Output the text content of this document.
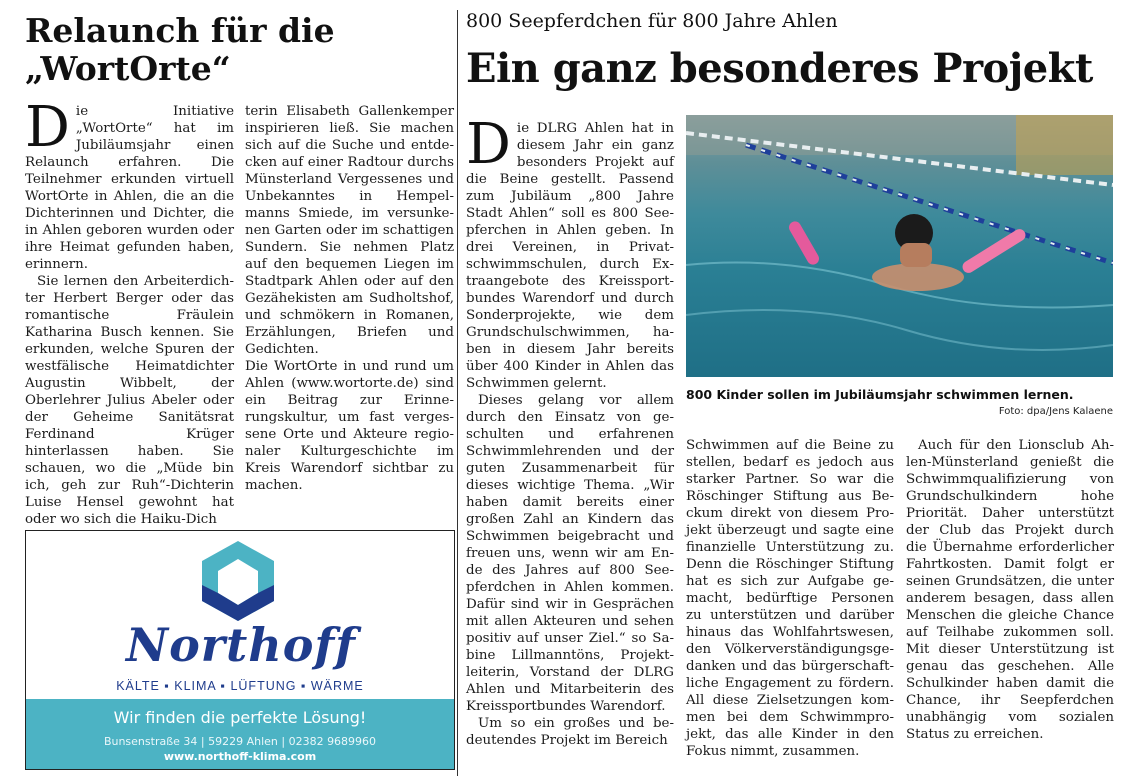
Relaunch für die
„WortOrte“

Die Initiative „WortOrte“ hat im Jubiläumsjahr einen Relaunch erfahren. Die Teilnehmer erkunden virtuell WortOrte in Ahlen, die an die Dichterinnen und Dichter, die in Ahlen geboren wurden oder ihre Heimat gefunden haben, erinnern.

Sie lernen den Arbeiterdichter Herbert Berger oder das romantische Fräulein Katharina Busch kennen. Sie erkunden, welche Spuren der westfälische Heimatdichter Augustin Wibbelt, der Oberlehrer Julius Abeler oder der Geheime Sanitätsrat Ferdinand Krüger hinterlassen haben. Sie schauen, wo die „Müde bin ich, geh zur Ruh“-Dichterin Luise Hensel gewohnt hat oder wo sich die Haiku-Dich

terin Elisabeth Gallenkemper inspirieren ließ. Sie machen sich auf die Suche und entdecken auf einer Radtour durchs Münsterland Vergessenes und Unbekanntes in Hempelmanns Smiede, im versunkenen Garten oder im schattigen Sundern. Sie nehmen Platz auf den bequemen Liegen im Stadtpark Ahlen oder auf den Gezähekisten am Sudholtshof, und schmökern in Romanen, Erzählungen, Briefen und Gedichten.

Die WortOrte in und rund um Ahlen (www.wortorte.de) sind ein Beitrag zur Erinnerungskultur, um fast vergessene Orte und Akteure regionaler Kulturgeschichte im Kreis Warendorf sichtbar zu machen.

Northoff
KÄLTE ▪ KLIMA ▪ LÜFTUNG ▪ WÄRME
Wir finden die perfekte Lösung!
Bunsenstraße 34 | 59229 Ahlen | 02382 9689960
www.northoff-klima.com
800 Seepferdchen für 800 Jahre Ahlen
Ein ganz besonderes Projekt

Die DLRG Ahlen hat in diesem Jahr ein ganz besonders Projekt auf die Beine gestellt. Passend zum Jubiläum „800 Jahre Stadt Ahlen“ soll es 800 Seepferchen in Ahlen geben. In drei Vereinen, in Privatschwimmschulen, durch Extraangebote des Kreissportbundes Warendorf und durch Sonderprojekte, wie dem Grundschulschwimmen, haben in diesem Jahr bereits über 400 Kinder in Ahlen das Schwimmen gelernt.

Dieses gelang vor allem durch den Einsatz von geschulten und erfahrenen Schwimmlehrenden und der guten Zusammenarbeit für dieses wichtige Thema. „Wir haben damit bereits einer großen Zahl an Kindern das Schwimmen beigebracht und freuen uns, wenn wir am Ende des Jahres auf 800 Seepferdchen in Ahlen kommen. Dafür sind wir in Gesprächen mit allen Akteuren und sehen positiv auf unser Ziel.“ so Sabine Lillmanntöns, Projektleiterin, Vorstand der DLRG Ahlen und Mitarbeiterin des Kreissportbundes Warendorf.

Um so ein großes und bedeutendes Projekt im Bereich

800 Kinder sollen im Jubiläumsjahr schwimmen lernen.
Foto: dpa/Jens Kalaene

Schwimmen auf die Beine zu stellen, bedarf es jedoch aus starker Partner. So war die Röschinger Stiftung aus Beckum direkt von diesem Projekt überzeugt und sagte eine finanzielle Unterstützung zu. Denn die Röschinger Stiftung hat es sich zur Aufgabe gemacht, bedürftige Personen zu unterstützen und darüber hinaus das Wohlfahrtswesen, den Völkerverständigungsgedanken und das bürgerschaftliche Engagement zu fördern. All diese Zielsetzungen kommen bei dem Schwimmprojekt, das alle Kinder in den Fokus nimmt, zusammen.

Auch für den Lionsclub Ahlen-Münsterland genießt die Schwimmqualifizierung von Grundschulkindern hohe Priorität. Daher unterstützt der Club das Projekt durch die Übernahme erforderlicher Fahrtkosten. Damit folgt er seinen Grundsätzen, die unter anderem besagen, dass allen Menschen die gleiche Chance auf Teilhabe zukommen soll. Mit dieser Unterstützung ist genau das geschehen. Alle Schulkinder haben damit die Chance, ihr Seepferdchen unabhängig vom sozialen Status zu erreichen.
